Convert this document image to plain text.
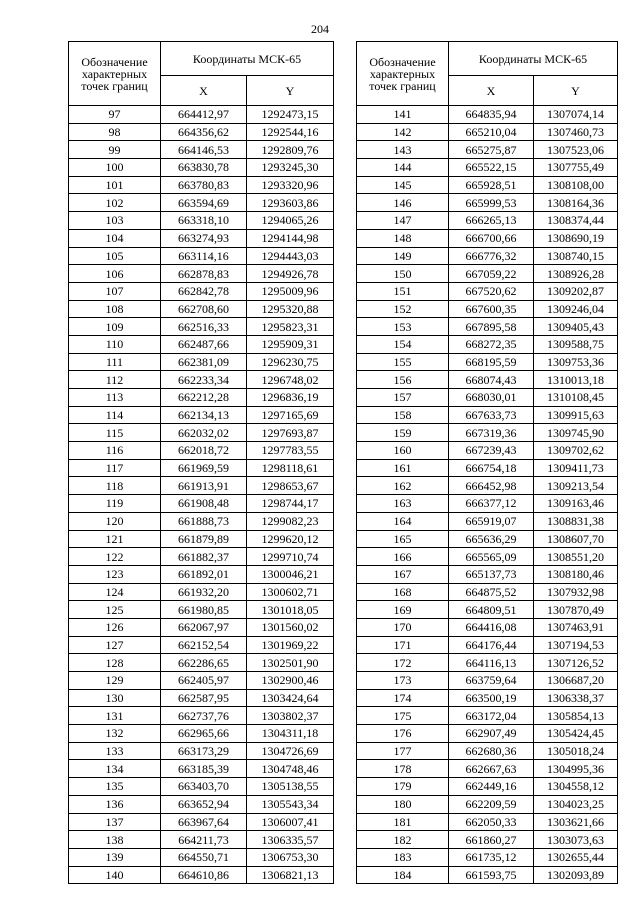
204
Обозначение характерных точек границ	Координаты МСК-65	
	X	Y
97	664412,97	1292473,15
98	664356,62	1292544,16
99	664146,53	1292809,76
100	663830,78	1293245,30
101	663780,83	1293320,96
102	663594,69	1293603,86
103	663318,10	1294065,26
104	663274,93	1294144,98
105	663114,16	1294443,03
106	662878,83	1294926,78
107	662842,78	1295009,96
108	662708,60	1295320,88
109	662516,33	1295823,31
110	662487,66	1295909,31
111	662381,09	1296230,75
112	662233,34	1296748,02
113	662212,28	1296836,19
114	662134,13	1297165,69
115	662032,02	1297693,87
116	662018,72	1297783,55
117	661969,59	1298118,61
118	661913,91	1298653,67
119	661908,48	1298744,17
120	661888,73	1299082,23
121	661879,89	1299620,12
122	661882,37	1299710,74
123	661892,01	1300046,21
124	661932,20	1300602,71
125	661980,85	1301018,05
126	662067,97	1301560,02
127	662152,54	1301969,22
128	662286,65	1302501,90
129	662405,97	1302900,46
130	662587,95	1303424,64
131	662737,76	1303802,37
132	662965,66	1304311,18
133	663173,29	1304726,69
134	663185,39	1304748,46
135	663403,70	1305138,55
136	663652,94	1305543,34
137	663967,64	1306007,41
138	664211,73	1306335,57
139	664550,71	1306753,30
140	664610,86	1306821,13
Обозначение характерных точек границ	Координаты МСК-65	
	X	Y
141	664835,94	1307074,14
142	665210,04	1307460,73
143	665275,87	1307523,06
144	665522,15	1307755,49
145	665928,51	1308108,00
146	665999,53	1308164,36
147	666265,13	1308374,44
148	666700,66	1308690,19
149	666776,32	1308740,15
150	667059,22	1308926,28
151	667520,62	1309202,87
152	667600,35	1309246,04
153	667895,58	1309405,43
154	668272,35	1309588,75
155	668195,59	1309753,36
156	668074,43	1310013,18
157	668030,01	1310108,45
158	667633,73	1309915,63
159	667319,36	1309745,90
160	667239,43	1309702,62
161	666754,18	1309411,73
162	666452,98	1309213,54
163	666377,12	1309163,46
164	665919,07	1308831,38
165	665636,29	1308607,70
166	665565,09	1308551,20
167	665137,73	1308180,46
168	664875,52	1307932,98
169	664809,51	1307870,49
170	664416,08	1307463,91
171	664176,44	1307194,53
172	664116,13	1307126,52
173	663759,64	1306687,20
174	663500,19	1306338,37
175	663172,04	1305854,13
176	662907,49	1305424,45
177	662680,36	1305018,24
178	662667,63	1304995,36
179	662449,16	1304558,12
180	662209,59	1304023,25
181	662050,33	1303621,66
182	661860,27	1303073,63
183	661735,12	1302655,44
184	661593,75	1302093,89
